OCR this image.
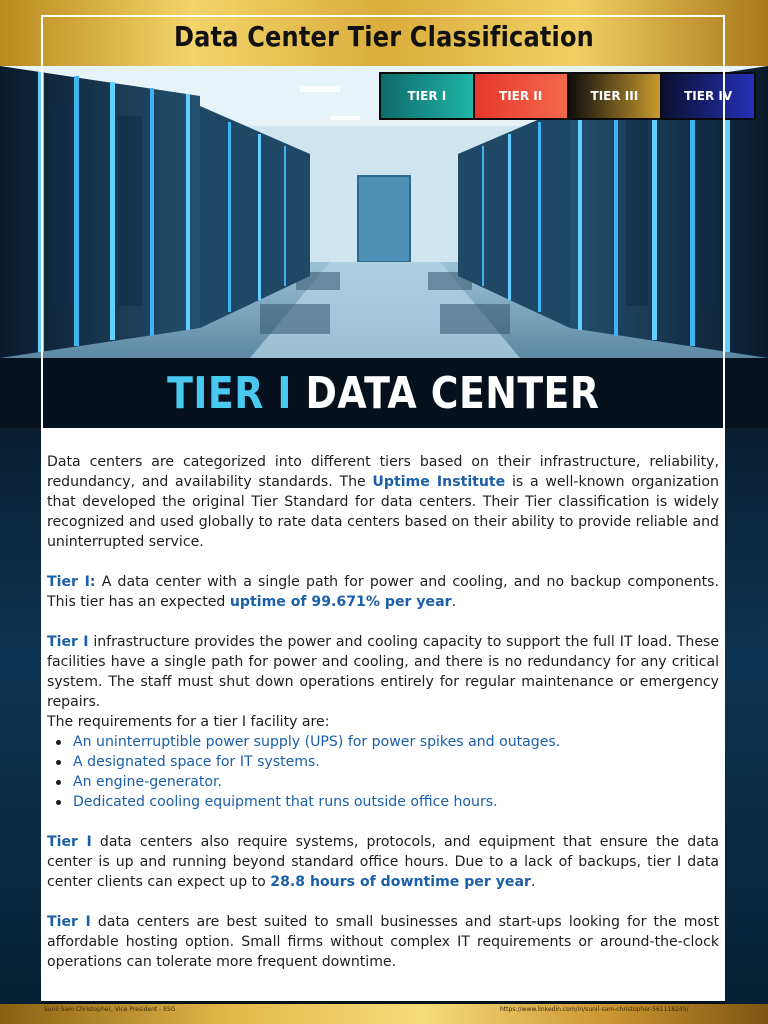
TIER I	TIER II	TIER III	TIER IV
Data Center Tier Classification
TIER I DATA CENTER

Data centers are categorized into different tiers based on their infrastructure, reliability, redundancy, and availability standards. The Uptime Institute is a well-known organization that developed the original Tier Standard for data centers. Their Tier classification is widely recognized and used globally to rate data centers based on their ability to provide reliable and uninterrupted service.

Tier I: A data center with a single path for power and cooling, and no backup components. This tier has an expected uptime of 99.671% per year.

Tier I infrastructure provides the power and cooling capacity to support the full IT load. These facilities have a single path for power and cooling, and there is no redundancy for any critical system. The staff must shut down operations entirely for regular maintenance or emergency repairs.

The requirements for a tier I facility are:

An uninterruptible power supply (UPS) for power spikes and outages.
A designated space for IT systems.
An engine-generator.
Dedicated cooling equipment that runs outside office hours.

Tier I data centers also require systems, protocols, and equipment that ensure the data center is up and running beyond standard office hours. Due to a lack of backups, tier I data center clients can expect up to 28.8 hours of downtime per year.

Tier I data centers are best suited to small businesses and start-ups looking for the most affordable hosting option. Small firms without complex IT requirements or around-the-clock operations can tolerate more frequent downtime.

Sunil Sam Christopher, Vice President - ESG	https://www.linkedin.com/in/sunil-sam-christopher-561118245/
